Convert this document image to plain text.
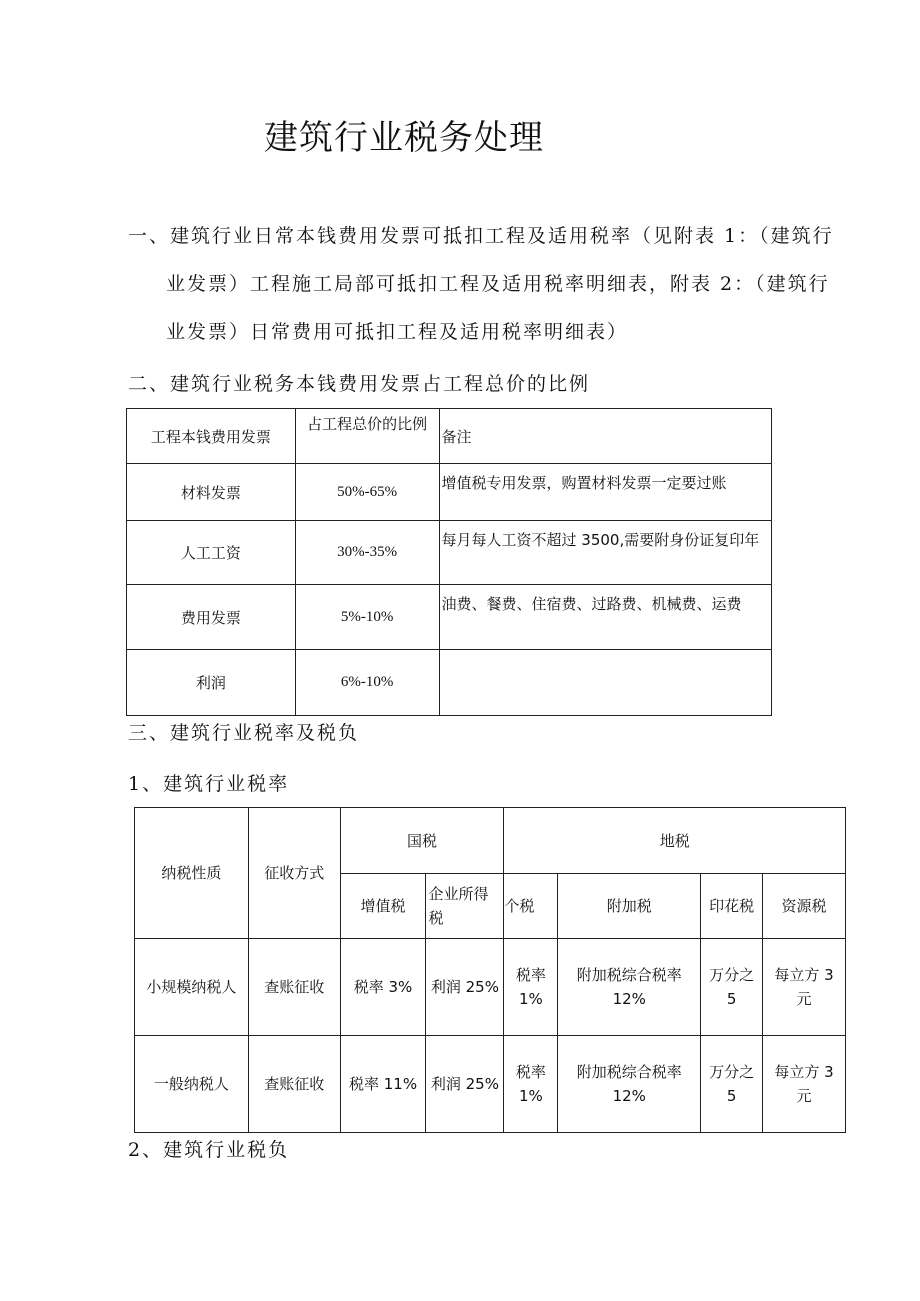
建筑行业税务处理
一、建筑行业日常本钱费用发票可抵扣工程及适用税率（见附表 1：（建筑行
业发票）工程施工局部可抵扣工程及适用税率明细表，附表 2：（建筑行
业发票）日常费用可抵扣工程及适用税率明细表）
二、建筑行业税务本钱费用发票占工程总价的比例
工程本钱费用发票	占工程总价的比例	备注
材料发票	50%-65%	增值税专用发票，购置材料发票一定要过账
人工工资	30%-35%	每月每人工资不超过 3500,需要附身份证复印年
费用发票	5%-10%	油费、餐费、住宿费、过路费、机械费、运费
利润	6%-10%	
三、建筑行业税率及税负
1、建筑行业税率
纳税性质	征收方式	国税		地税			
		增值税	企业所得税	个税	附加税	印花税	资源税
小规模纳税人	查账征收	税率 3%	利润 25%	税率 1%	附加税综合税率 12%	万分之 5	每立方 3 元
一般纳税人	查账征收	税率 11%	利润 25%	税率 1%	附加税综合税率 12%	万分之 5	每立方 3 元
2、建筑行业税负
